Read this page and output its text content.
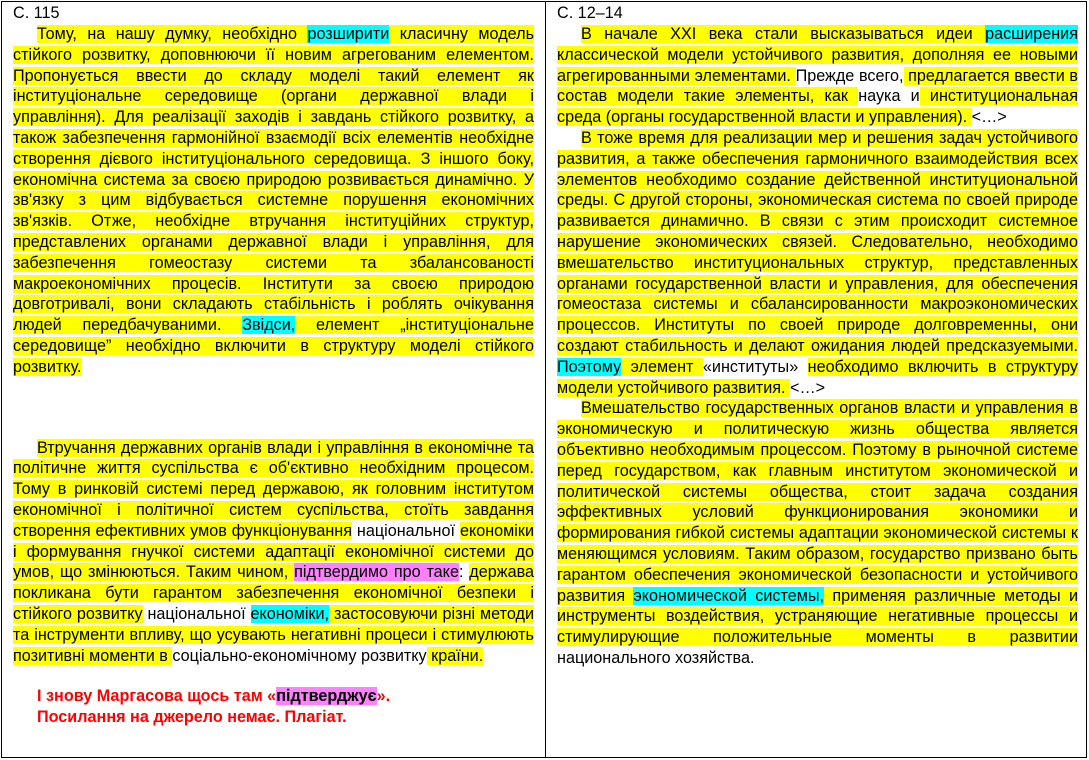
С. 115

Тому, на нашу думку, необхідно розширити класичну модель стійкого розвитку, доповнюючи її новим агрегованим елементом. Пропонується ввести до складу моделі такий елемент як інституціональне середовище (органи державної влади і управління). Для реалізації заходів і завдань стійкого розвитку, а також забезпечення гармонійної взаємодії всіх елементів необхідне створення дієвого інституціонального середовища. З іншого боку, економічна система за своєю природою розвивається динамічно. У зв'язку з цим відбувається системне порушення економічних зв'язків. Отже, необхідне втручання інституційних структур, представлених органами державної влади і управління, для забезпечення гомеостазу системи та збалансованості макроекономічних процесів. Інститути за своєю природою довготривалі, вони складають стабільність і роблять очікування людей передбачуваними. Звідси, елемент „інституціональне середовище” необхідно включити в структуру моделі стійкого розвитку.

Втручання державних органів влади і управління в економічне та політичне життя суспільства є об'єктивно необхідним процесом. Тому в ринковій системі перед державою, як головним інститутом економічної і політичної систем суспільства, стоїть завдання створення ефективних умов функціонування національної економіки і формування гнучкої системи адаптації економічної системи до умов, що змінюються. Таким чином, підтвердимо про таке: держава покликана бути гарантом забезпечення економічної безпеки і стійкого розвитку національної економіки, застосовуючи різні методи та інструменти впливу, що усувають негативні процеси і стимулюють позитивні моменти в соціально-економічному розвитку країни.

І знову Маргасова щось там «підтверджує».
Посилання на джерело немає. Плагіат.
С. 12–14

В начале XXI века стали высказываться идеи расширения классической модели устойчивого развития, дополняя ее новыми агрегированными элементами. Прежде всего, предлагается ввести в состав модели такие элементы, как наука и институциональная среда (органы государственной власти и управления). <…>

В тоже время для реализации мер и решения задач устойчивого развития, а также обеспечения гармоничного взаимодействия всех элементов необходимо создание действенной институциональной среды. С другой стороны, экономическая система по своей природе развивается динамично. В связи с этим происходит системное нарушение экономических связей. Следовательно, необходимо вмешательство институциональных структур, представленных органами государственной власти и управления, для обеспечения гомеостаза системы и сбалансированности макроэкономических процессов. Институты по своей природе долговременны, они создают стабильность и делают ожидания людей предсказуемыми. Поэтому элемент «институты» необходимо включить в структуру модели устойчивого развития. <…>

Вмешательство государственных органов власти и управления в экономическую и политическую жизнь общества является объективно необходимым процессом. Поэтому в рыночной системе перед государством, как главным институтом экономической и политической системы общества, стоит задача создания эффективных условий функционирования экономики и формирования гибкой системы адаптации экономической системы к меняющимся условиям. Таким образом, государство призвано быть гарантом обеспечения экономической безопасности и устойчивого развития экономической системы, применяя различные методы и инструменты воздействия, устраняющие негативные процессы и стимулирующие положительные моменты в развитии национального хозяйства.
